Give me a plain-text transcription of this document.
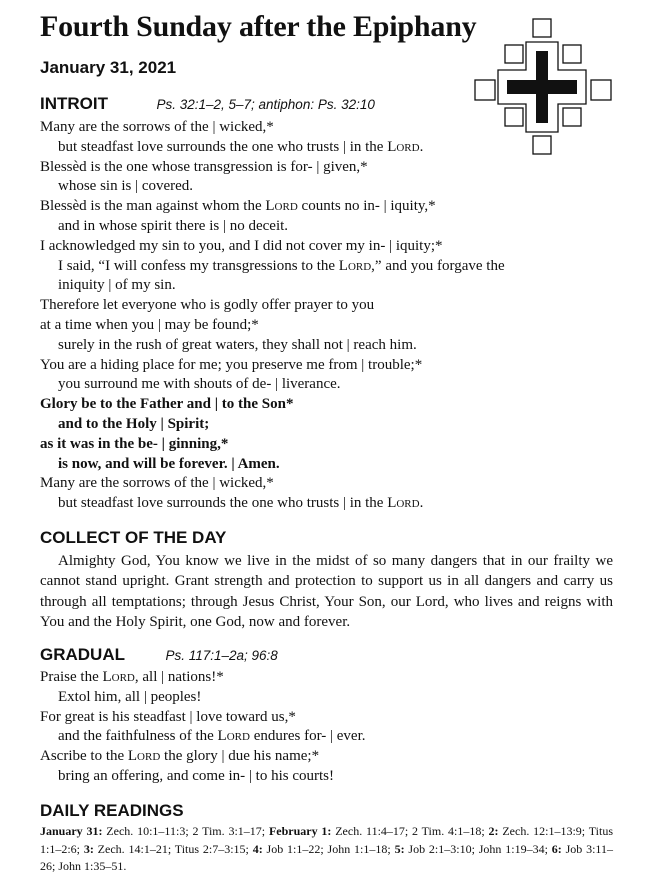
Fourth Sunday after the Epiphany
January 31, 2021
INTROIT	Ps. 32:1–2, 5–7; antiphon: Ps. 32:10
Many are the sorrows of the | wicked,*
but steadfast love surrounds the one who trusts | in the Lord.
Blessèd is the one whose transgression is for- | given,*
whose sin is | covered.
Blessèd is the man against whom the Lord counts no in- | iquity,*
and in whose spirit there is | no deceit.
I acknowledged my sin to you, and I did not cover my in- | iquity;*
I said, “I will confess my transgressions to the Lord,” and you forgave the
iniquity | of my sin.
Therefore let everyone who is godly offer prayer to you
at a time when you | may be found;*
surely in the rush of great waters, they shall not | reach him.
You are a hiding place for me; you preserve me from | trouble;*
you surround me with shouts of de- | liverance.
Glory be to the Father and | to the Son*
and to the Holy | Spirit;
as it was in the be- | ginning,*
is now, and will be forever. | Amen.
Many are the sorrows of the | wicked,*
but steadfast love surrounds the one who trusts | in the Lord.
COLLECT OF THE DAY

Almighty God, You know we live in the midst of so many dangers that in our frailty we cannot stand upright. Grant strength and protection to support us in all dangers and carry us through all temptations; through Jesus Christ, Your Son, our Lord, who lives and reigns with You and the Holy Spirit, one God, now and forever.

GRADUAL	Ps. 117:1–2a; 96:8
Praise the Lord, all | nations!*
Extol him, all | peoples!
For great is his steadfast | love toward us,*
and the faithfulness of the Lord endures for- | ever.
Ascribe to the Lord the glory | due his name;*
bring an offering, and come in- | to his courts!
DAILY READINGS
January 31: Zech. 10:1–11:3; 2 Tim. 3:1–17; February 1: Zech. 11:4–17; 2 Tim. 4:1–18; 2: Zech. 12:1–13:9; Titus 1:1–2:6; 3: Zech. 14:1–21; Titus 2:7–3:15; 4: Job 1:1–22; John 1:1–18; 5: Job 2:1–3:10; John 1:19–34; 6: Job 3:11–26; John 1:35–51.
